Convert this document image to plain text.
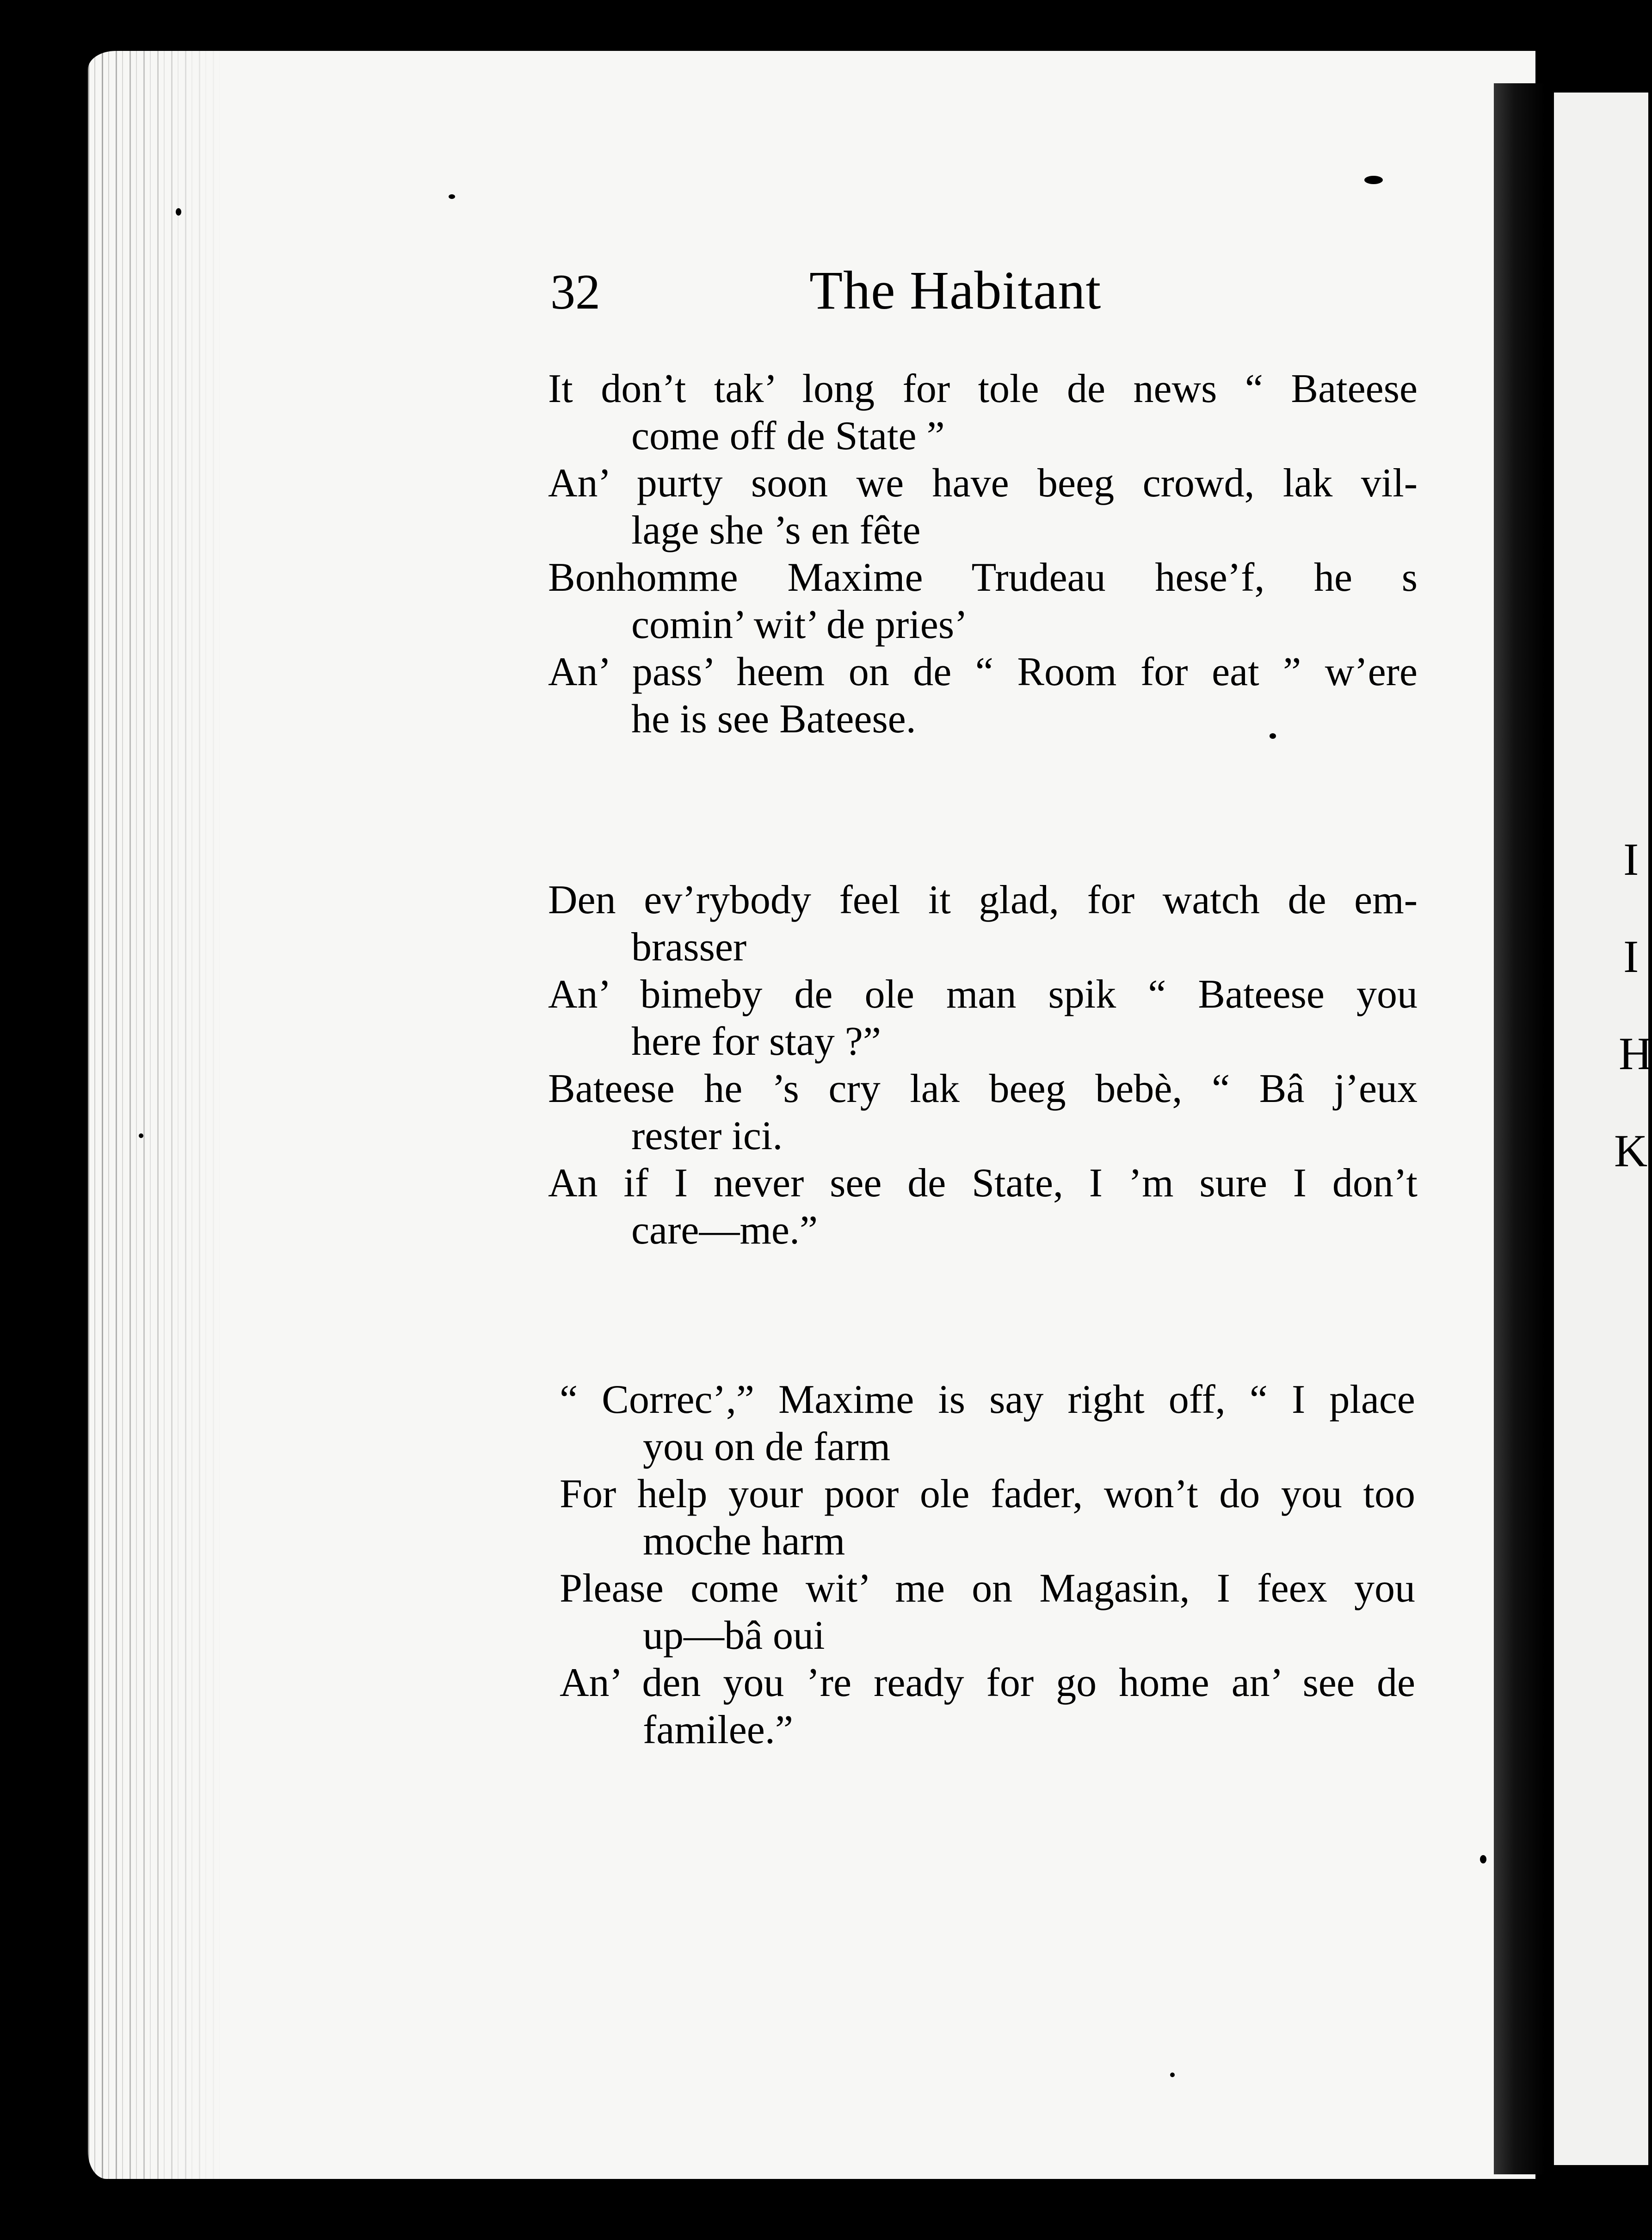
I
I
H
K
32	The Habitant
It don’t tak’ long for tole de news “ Bateese
come off de State ”
An’ purty soon we have beeg crowd, lak vil-
lage she ’s en fête
Bonhomme Maxime Trudeau hese’f, he s
comin’ wit’ de pries’
An’ pass’ heem on de “ Room for eat ” w’ere
he is see Bateese.
Den ev’rybody feel it glad, for watch de em-
brasser
An’ bimeby de ole man spik “ Bateese you
here for stay ?”
Bateese he ’s cry lak beeg bebè, “ Bâ j’eux
rester ici.
An if I never see de State, I ’m sure I don’t
care—me.”
“ Correc’,” Maxime is say right off, “ I place
you on de farm
For help your poor ole fader, won’t do you too
moche harm
Please come wit’ me on Magasin, I feex you
up—bâ oui
An’ den you ’re ready for go home an’ see de
familee.”
